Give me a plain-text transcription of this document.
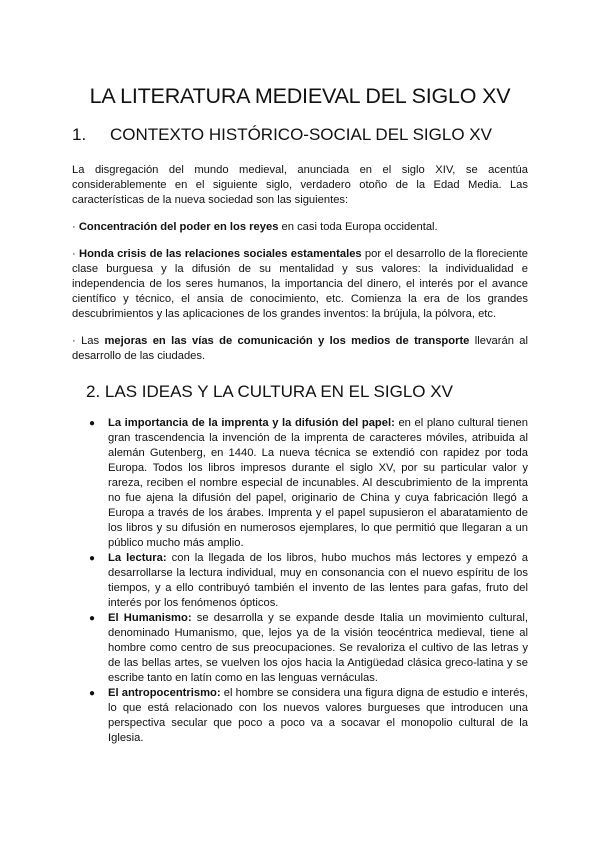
LA LITERATURA MEDIEVAL DEL SIGLO XV
1.	CONTEXTO HISTÓRICO-SOCIAL DEL SIGLO XV

La disgregación del mundo medieval, anunciada en el siglo XIV, se acentúa considerablemente en el siguiente siglo, verdadero otoño de la Edad Media. Las características de la nueva sociedad son las siguientes:

· Concentración del poder en los reyes en casi toda Europa occidental.

· Honda crisis de las relaciones sociales estamentales por el desarrollo de la floreciente clase burguesa y la difusión de su mentalidad y sus valores: la individualidad e independencia de los seres humanos, la importancia del dinero, el interés por el avance científico y técnico, el ansia de conocimiento, etc. Comienza la era de los grandes descubrimientos y las aplicaciones de los grandes inventos: la brújula, la pólvora, etc.

· Las mejoras en las vías de comunicación y los medios de transporte llevarán al desarrollo de las ciudades.

2. LAS IDEAS Y LA CULTURA EN EL SIGLO XV
● La importancia de la imprenta y la difusión del papel: en el plano cultural tienen gran trascendencia la invención de la imprenta de caracteres móviles, atribuida al alemán Gutenberg, en 1440. La nueva técnica se extendió con rapidez por toda Europa. Todos los libros impresos durante el siglo XV, por su particular valor y rareza, reciben el nombre especial de incunables. Al descubrimiento de la imprenta no fue ajena la difusión del papel, originario de China y cuya fabricación llegó a Europa a través de los árabes. Imprenta y el papel supusieron el abaratamiento de los libros y su difusión en numerosos ejemplares, lo que permitió que llegaran a un público mucho más amplio.
● La lectura: con la llegada de los libros, hubo muchos más lectores y empezó a desarrollarse la lectura individual, muy en consonancia con el nuevo espíritu de los tiempos, y a ello contribuyó también el invento de las lentes para gafas, fruto del interés por los fenómenos ópticos.
● El Humanismo: se desarrolla y se expande desde Italia un movimiento cultural, denominado Humanismo, que, lejos ya de la visión teocéntrica medieval, tiene al hombre como centro de sus preocupaciones. Se revaloriza el cultivo de las letras y de las bellas artes, se vuelven los ojos hacia la Antigüedad clásica greco-latina y se escribe tanto en latín como en las lenguas vernáculas.
● El antropocentrismo: el hombre se considera una figura digna de estudio e interés, lo que está relacionado con los nuevos valores burgueses que introducen una perspectiva secular que poco a poco va a socavar el monopolio cultural de la Iglesia.
